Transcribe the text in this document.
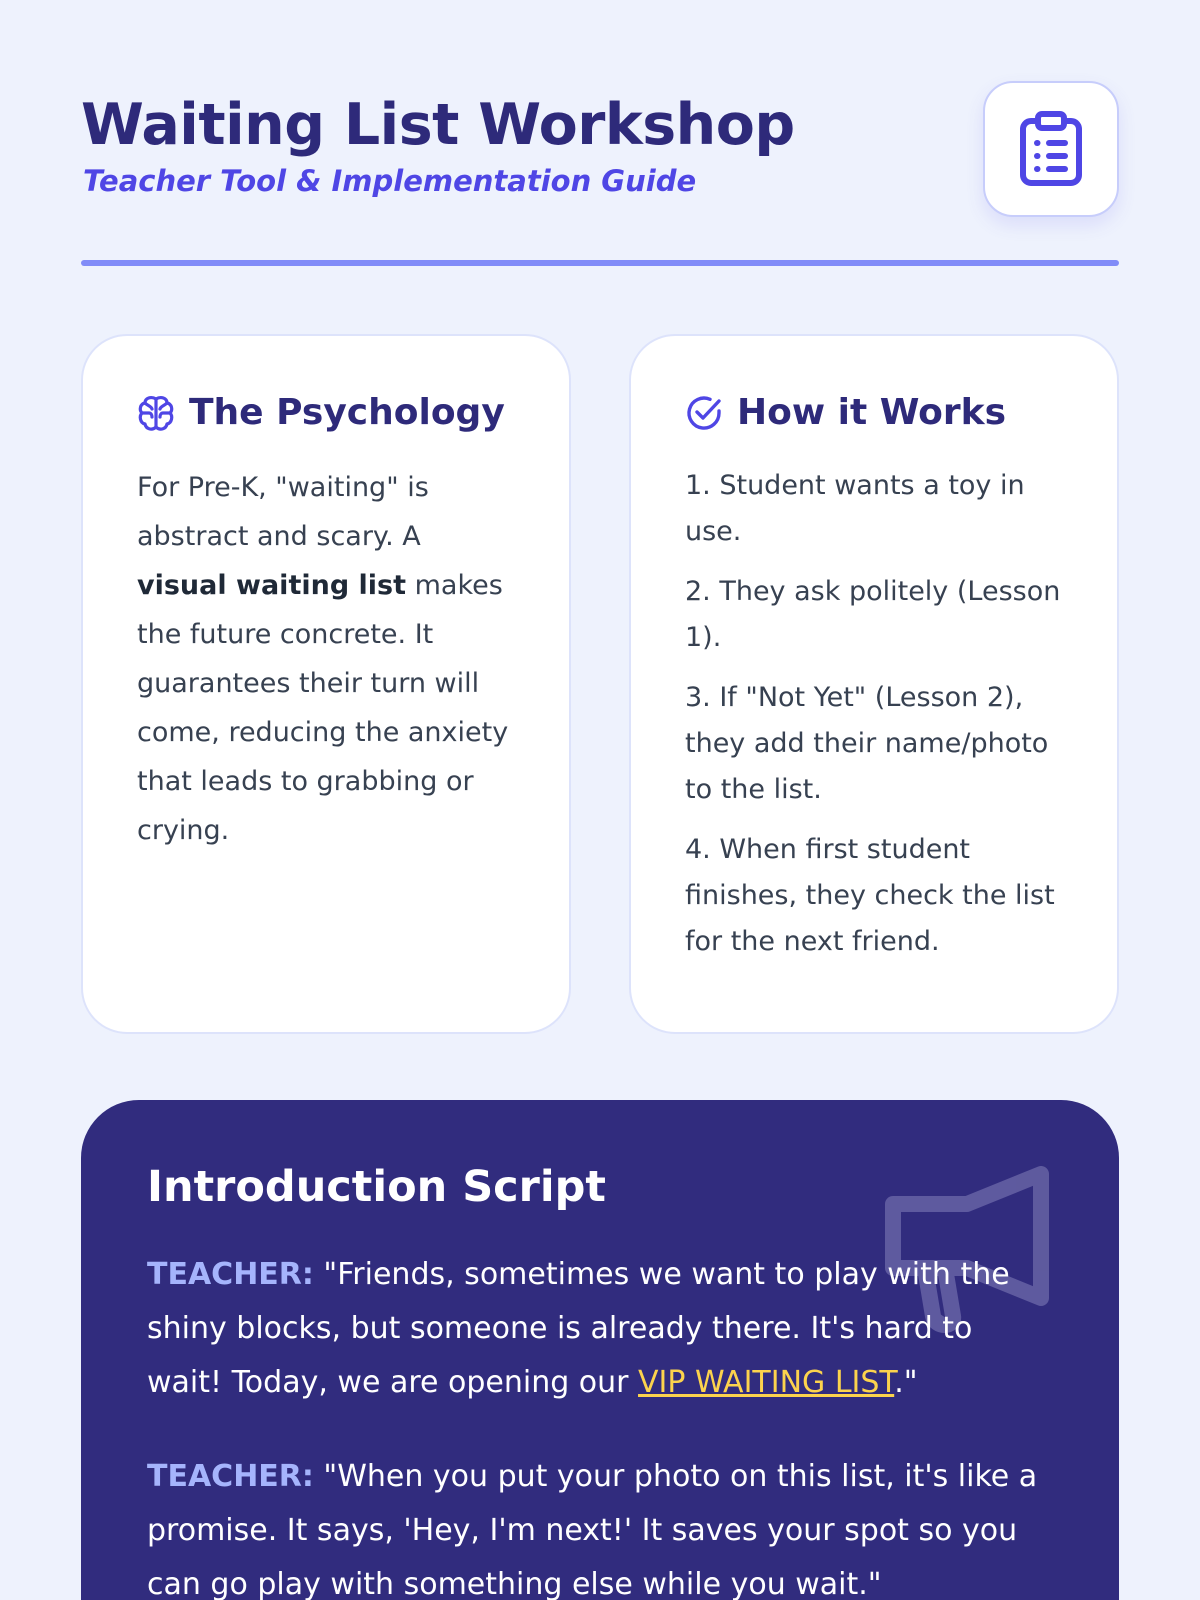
Waiting List Workshop
Teacher Tool & Implementation Guide
The Psychology

For Pre-K, "waiting" is abstract and scary. A visual waiting list makes the future concrete. It guarantees their turn will come, reducing the anxiety that leads to grabbing or crying.

How it Works

1. Student wants a toy in use.

2. They ask politely (Lesson 1).

3. If "Not Yet" (Lesson 2), they add their name/photo to the list.

4. When first student finishes, they check the list for the next friend.

Introduction Script

TEACHER: "Friends, sometimes we want to play with the shiny blocks, but someone is already there. It's hard to wait! Today, we are opening our VIP WAITING LIST."

TEACHER: "When you put your photo on this list, it's like a promise. It says, 'Hey, I'm next!' It saves your spot so you can go play with something else while you wait."
